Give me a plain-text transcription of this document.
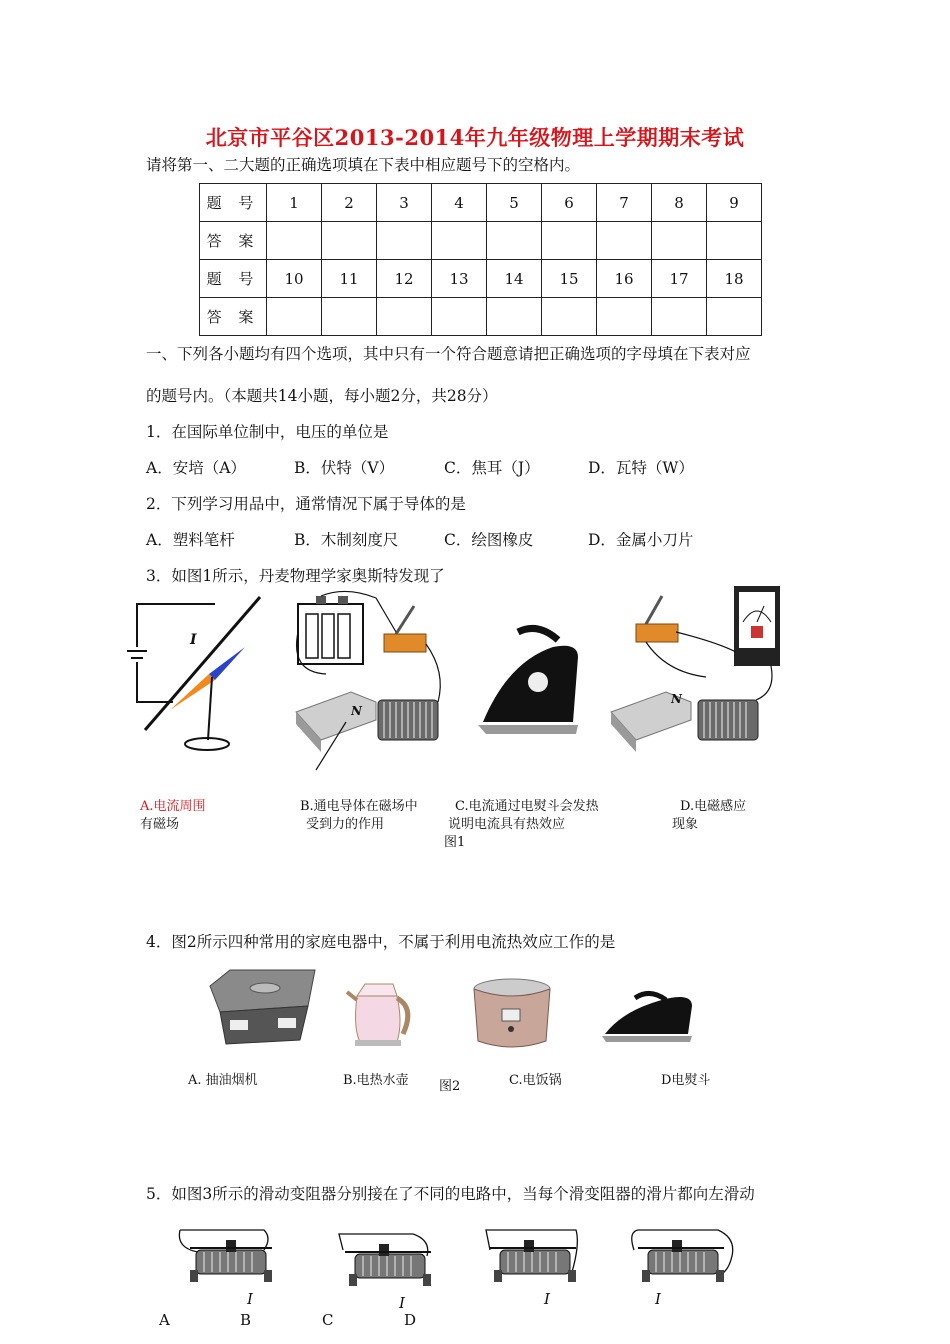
北京市平谷区2013-2014年九年级物理上学期期末考试
请将第一、二大题的正确选项填在下表中相应题号下的空格内。
题 号	1	2	3	4	5	6	7	8	9
答 案									
题 号	10	11	12	13	14	15	16	17	18
答 案									
一、下列各小题均有四个选项，其中只有一个符合题意请把正确选项的字母填在下表对应
的题号内。（本题共14小题，每小题2分，共28分）
1．在国际单位制中，电压的单位是
A．安培（A）	B．伏特（V）	C．焦耳（J）	D．瓦特（W）
2．下列学习用品中，通常情况下属于导体的是
A．塑料笔杆	B．木制刻度尺	C．绘图橡皮	D．金属小刀片
3．如图1所示，丹麦物理学家奥斯特发现了
I
N
N
A.电流周围
有磁场
B.通电导体在磁场中
受到力的作用
C.电流通过电熨斗会发热
说明电流具有热效应
D.电磁感应
现象
图1
4．图2所示四种常用的家庭电器中，不属于利用电流热效应工作的是
A. 抽油烟机	B.电热水壶 图2	C.电饭锅	D电熨斗
5．如图3所示的滑动变阻器分别接在了不同的电路中，当每个滑变阻器的滑片都向左滑动
I	I	I	I
A	B	C	D
